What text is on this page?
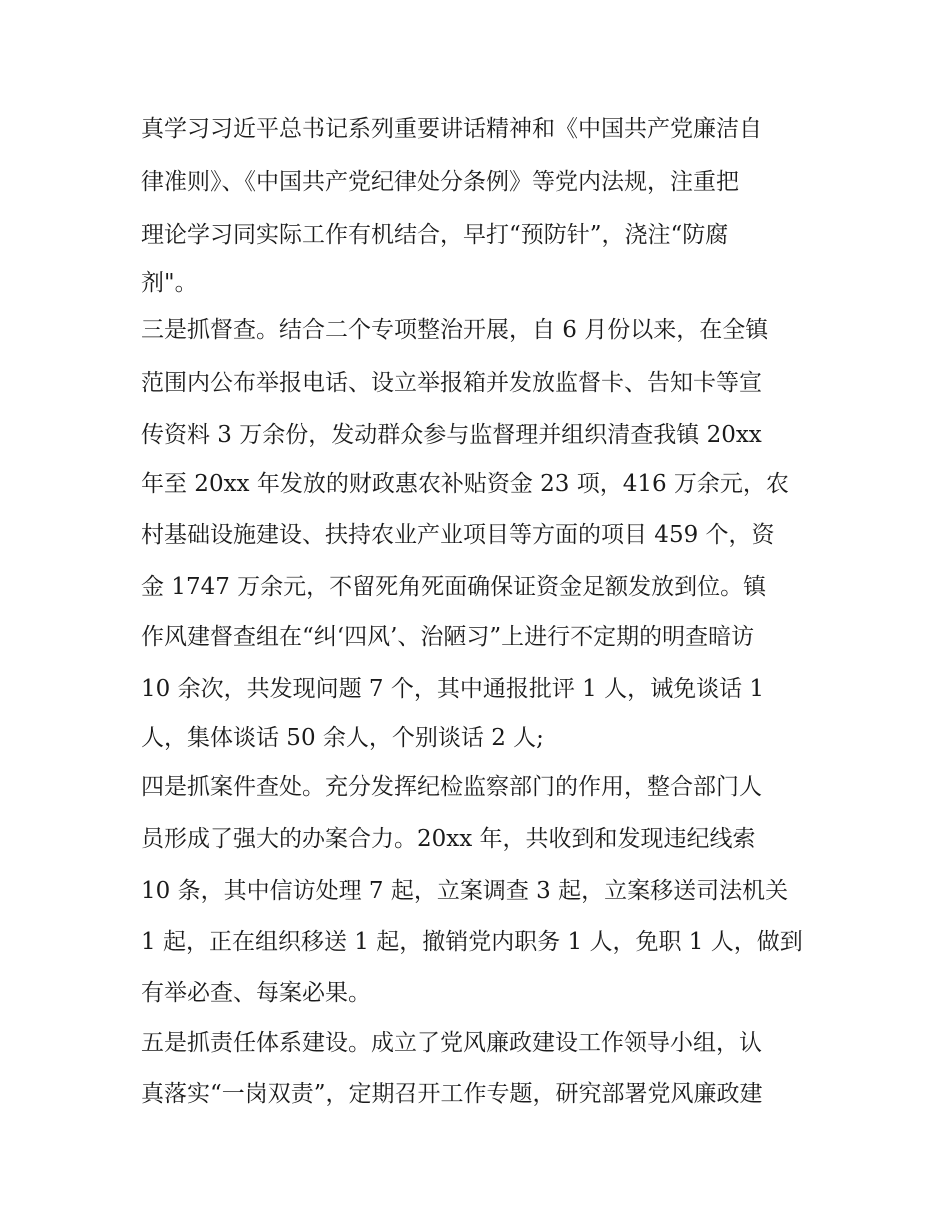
真学习习近平总书记系列重要讲话精神和《中国共产党廉洁自
律准则》、《中国共产党纪律处分条例》等党内法规，注重把
理论学习同实际工作有机结合，早打“预防针”，浇注“防腐
剂"。
三是抓督查。结合二个专项整治开展，自 6 月份以来，在全镇
范围内公布举报电话、设立举报箱并发放监督卡、告知卡等宣
传资料 3 万余份，发动群众参与监督理并组织清查我镇 20xx
年至 20xx 年发放的财政惠农补贴资金 23 项，416 万余元，农
村基础设施建设、扶持农业产业项目等方面的项目 459 个，资
金 1747 万余元，不留死角死面确保证资金足额发放到位。镇
作风建督查组在“纠‘四风’、治陋习”上进行不定期的明查暗访
10 余次，共发现问题 7 个，其中通报批评 1 人，诫免谈话 1
人，集体谈话 50 余人，个别谈话 2 人;
四是抓案件查处。充分发挥纪检监察部门的作用，整合部门人
员形成了强大的办案合力。20xx 年，共收到和发现违纪线索
10 条，其中信访处理 7 起，立案调查 3 起，立案移送司法机关
1 起，正在组织移送 1 起，撤销党内职务 1 人，免职 1 人，做到
有举必查、每案必果。
五是抓责任体系建设。成立了党风廉政建设工作领导小组，认
真落实“一岗双责”，定期召开工作专题，研究部署党风廉政建
